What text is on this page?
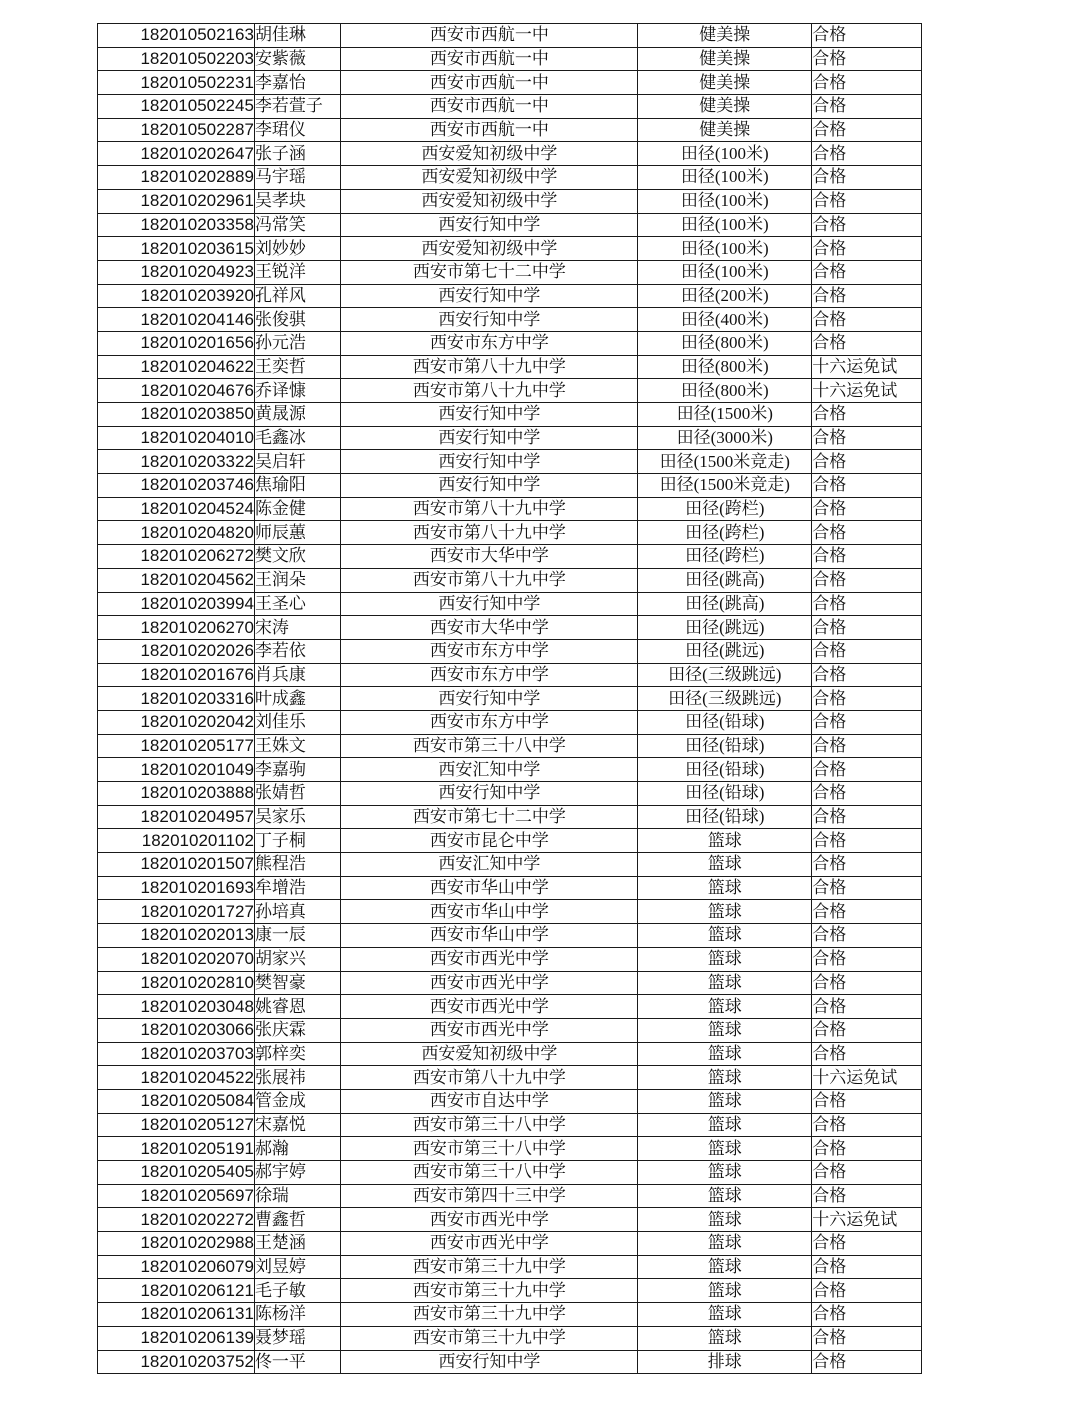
182010502163	胡佳琳	西安市西航一中	健美操	合格
182010502203	安紫薇	西安市西航一中	健美操	合格
182010502231	李嘉怡	西安市西航一中	健美操	合格
182010502245	李若萱子	西安市西航一中	健美操	合格
182010502287	李珺仪	西安市西航一中	健美操	合格
182010202647	张子涵	西安爱知初级中学	田径(100米)	合格
182010202889	马宇瑶	西安爱知初级中学	田径(100米)	合格
182010202961	吴孝块	西安爱知初级中学	田径(100米)	合格
182010203358	冯常笑	西安行知中学	田径(100米)	合格
182010203615	刘妙妙	西安爱知初级中学	田径(100米)	合格
182010204923	王锐洋	西安市第七十二中学	田径(100米)	合格
182010203920	孔祥风	西安行知中学	田径(200米)	合格
182010204146	张俊骐	西安行知中学	田径(400米)	合格
182010201656	孙元浩	西安市东方中学	田径(800米)	合格
182010204622	王奕哲	西安市第八十九中学	田径(800米)	十六运免试
182010204676	乔译慷	西安市第八十九中学	田径(800米)	十六运免试
182010203850	黄晟源	西安行知中学	田径(1500米)	合格
182010204010	毛鑫冰	西安行知中学	田径(3000米)	合格
182010203322	吴启轩	西安行知中学	田径(1500米竞走)	合格
182010203746	焦瑜阳	西安行知中学	田径(1500米竞走)	合格
182010204524	陈金健	西安市第八十九中学	田径(跨栏)	合格
182010204820	师辰蕙	西安市第八十九中学	田径(跨栏)	合格
182010206272	樊文欣	西安市大华中学	田径(跨栏)	合格
182010204562	王润朵	西安市第八十九中学	田径(跳高)	合格
182010203994	王圣心	西安行知中学	田径(跳高)	合格
182010206270	宋涛	西安市大华中学	田径(跳远)	合格
182010202026	李若依	西安市东方中学	田径(跳远)	合格
182010201676	肖兵康	西安市东方中学	田径(三级跳远)	合格
182010203316	叶成鑫	西安行知中学	田径(三级跳远)	合格
182010202042	刘佳乐	西安市东方中学	田径(铅球)	合格
182010205177	王姝文	西安市第三十八中学	田径(铅球)	合格
182010201049	李嘉驹	西安汇知中学	田径(铅球)	合格
182010203888	张婧哲	西安行知中学	田径(铅球)	合格
182010204957	吴家乐	西安市第七十二中学	田径(铅球)	合格
182010201102	丁子桐	西安市昆仑中学	篮球	合格
182010201507	熊程浩	西安汇知中学	篮球	合格
182010201693	牟增浩	西安市华山中学	篮球	合格
182010201727	孙培真	西安市华山中学	篮球	合格
182010202013	康一辰	西安市华山中学	篮球	合格
182010202070	胡家兴	西安市西光中学	篮球	合格
182010202810	樊智豪	西安市西光中学	篮球	合格
182010203048	姚睿恩	西安市西光中学	篮球	合格
182010203066	张庆霖	西安市西光中学	篮球	合格
182010203703	郭梓奕	西安爱知初级中学	篮球	合格
182010204522	张展祎	西安市第八十九中学	篮球	十六运免试
182010205084	管金成	西安市自达中学	篮球	合格
182010205127	宋嘉悦	西安市第三十八中学	篮球	合格
182010205191	郝瀚	西安市第三十八中学	篮球	合格
182010205405	郝宇婷	西安市第三十八中学	篮球	合格
182010205697	徐瑞	西安市第四十三中学	篮球	合格
182010202272	曹鑫哲	西安市西光中学	篮球	十六运免试
182010202988	王楚涵	西安市西光中学	篮球	合格
182010206079	刘昱婷	西安市第三十九中学	篮球	合格
182010206121	毛子敏	西安市第三十九中学	篮球	合格
182010206131	陈杨洋	西安市第三十九中学	篮球	合格
182010206139	聂梦瑶	西安市第三十九中学	篮球	合格
182010203752	佟一平	西安行知中学	排球	合格
